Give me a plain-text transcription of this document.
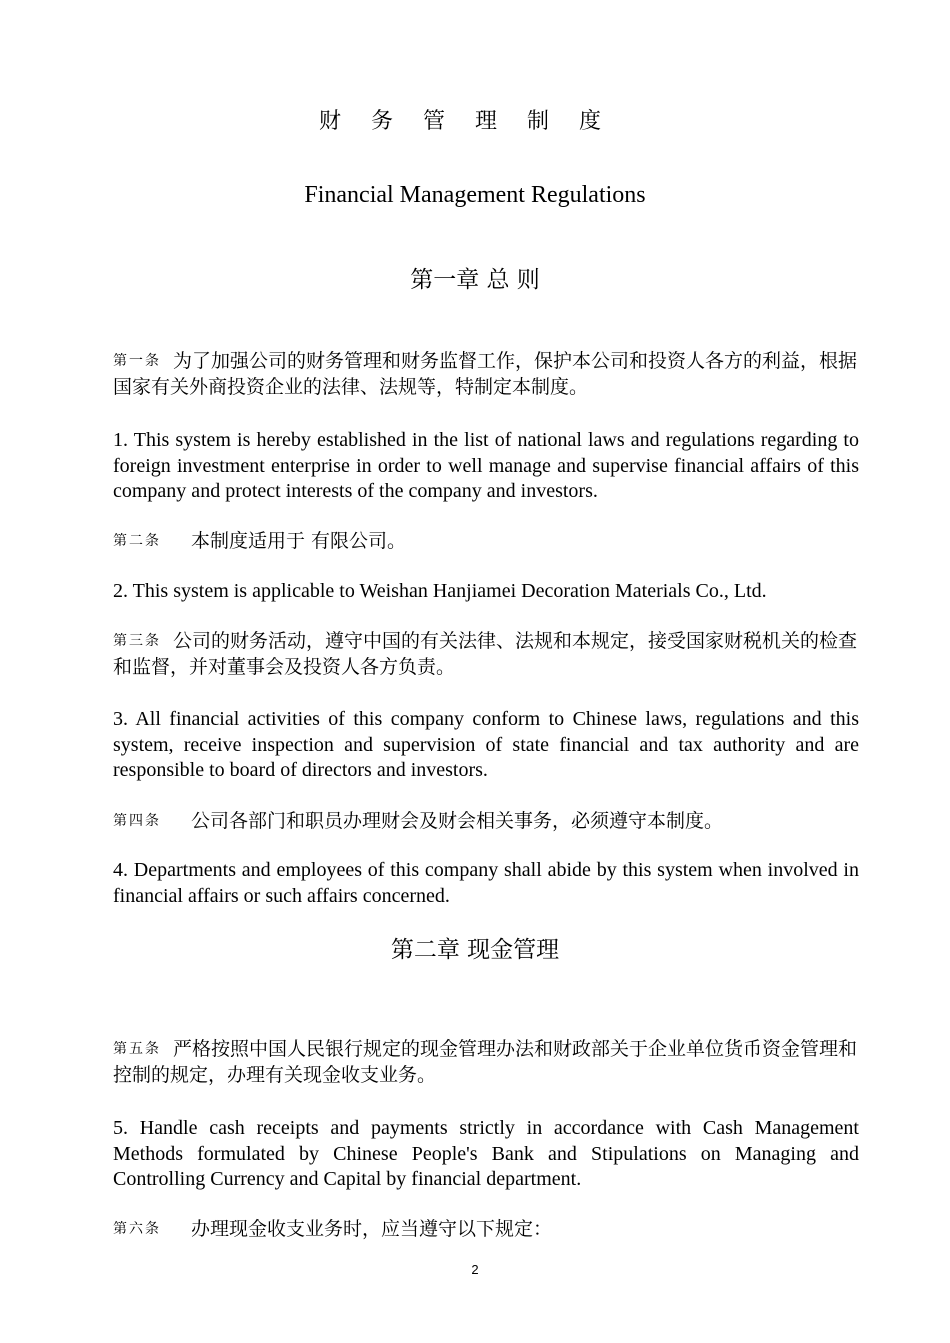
财务管理制度
Financial Management Regulations
第一章 总 则
第一条 为了加强公司的财务管理和财务监督工作，保护本公司和投资人各方的利益，根据国家有关外商投资企业的法律、法规等，特制定本制度。
1. This system is hereby established in the list of national laws and regulations regarding to foreign investment enterprise in order to well manage and supervise financial affairs of this company and protect interests of the company and investors.
第二条 本制度适用于 有限公司。
2. This system is applicable to Weishan Hanjiamei Decoration Materials Co., Ltd.
第三条 公司的财务活动，遵守中国的有关法律、法规和本规定，接受国家财税机关的检查和监督，并对董事会及投资人各方负责。
3. All financial activities of this company conform to Chinese laws, regulations and this system, receive inspection and supervision of state financial and tax authority and are responsible to board of directors and investors.
第四条 公司各部门和职员办理财会及财会相关事务，必须遵守本制度。
4. Departments and employees of this company shall abide by this system when involved in financial affairs or such affairs concerned.
第二章 现金管理
第五条 严格按照中国人民银行规定的现金管理办法和财政部关于企业单位货币资金管理和控制的规定，办理有关现金收支业务。
5. Handle cash receipts and payments strictly in accordance with Cash Management Methods formulated by Chinese People's Bank and Stipulations on Managing and Controlling Currency and Capital by financial department.
第六条 办理现金收支业务时，应当遵守以下规定：
2
